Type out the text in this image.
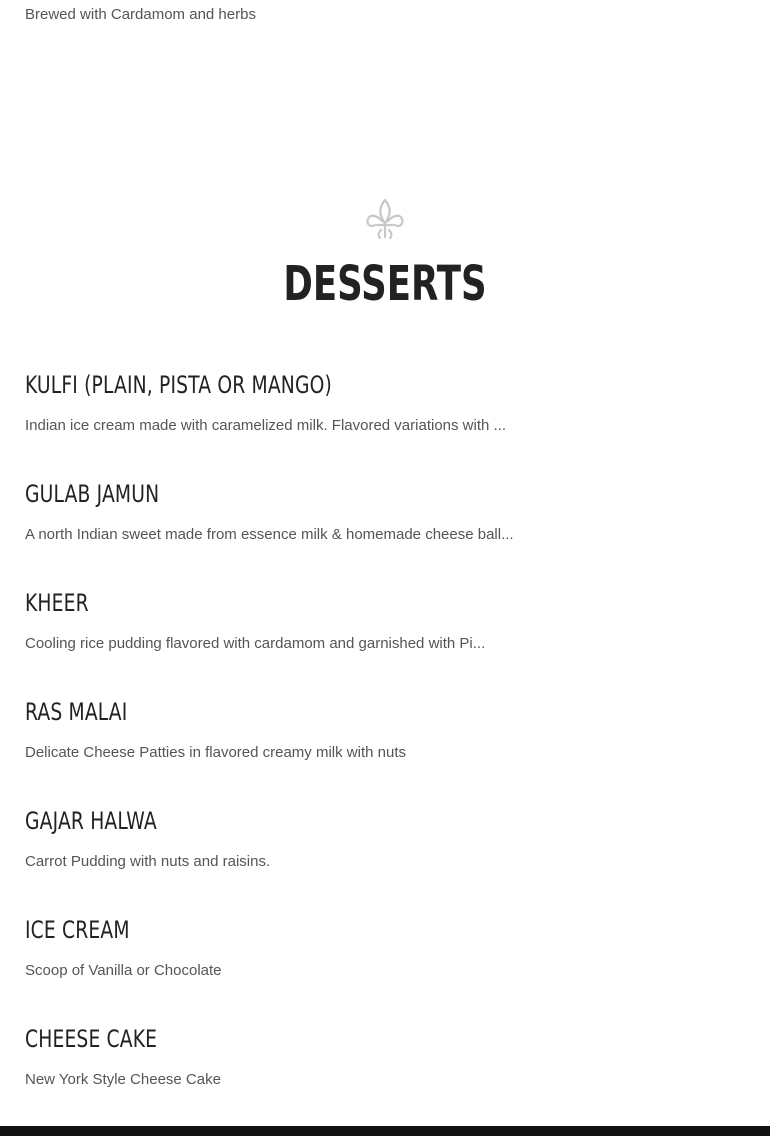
Brewed with Cardamom and herbs

DESSERTS
KULFI (PLAIN, PISTA OR MANGO)

Indian ice cream made with caramelized milk. Flavored variations with ...

GULAB JAMUN

A north Indian sweet made from essence milk & homemade cheese ball...

KHEER

Cooling rice pudding flavored with cardamom and garnished with Pi...

RAS MALAI

Delicate Cheese Patties in flavored creamy milk with nuts

GAJAR HALWA

Carrot Pudding with nuts and raisins.

ICE CREAM

Scoop of Vanilla or Chocolate

CHEESE CAKE

New York Style Cheese Cake
